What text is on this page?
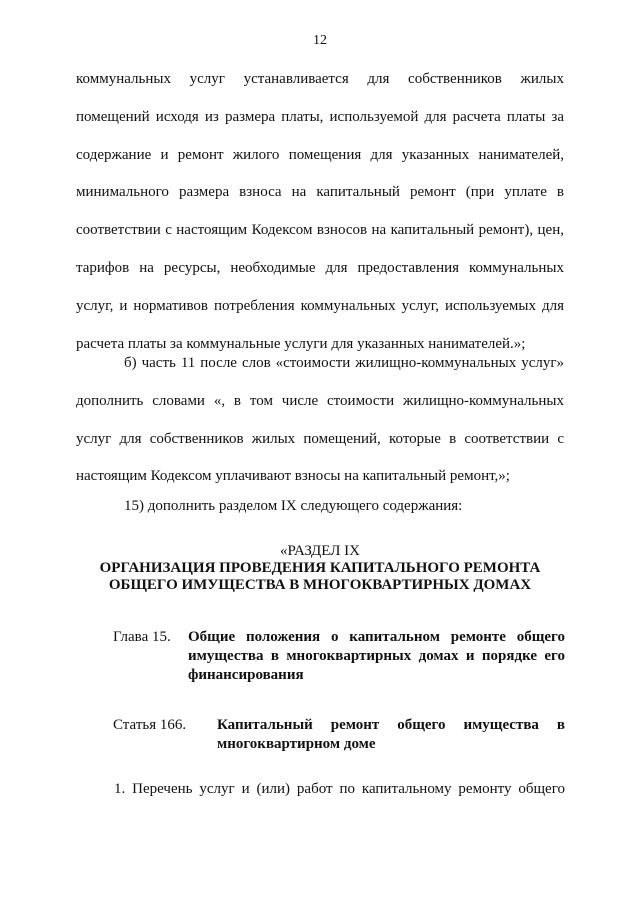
12

коммунальных услуг устанавливается для собственников жилых
помещений исходя из размера платы, используемой для расчета платы за
содержание и ремонт жилого помещения для указанных нанимателей,
минимального размера взноса на капитальный ремонт (при уплате в
соответствии с настоящим Кодексом взносов на капитальный ремонт), цен,
тарифов на ресурсы, необходимые для предоставления коммунальных
услуг, и нормативов потребления коммунальных услуг, используемых для
расчета платы за коммунальные услуги для указанных нанимателей.»;

б) часть 11 после слов «стоимости жилищно-коммунальных услуг»
дополнить словами «, в том числе стоимости жилищно-коммунальных
услуг для собственников жилых помещений, которые в соответствии с
настоящим Кодексом уплачивают взносы на капитальный ремонт,»;

15) дополнить разделом IX следующего содержания:

«РАЗДЕЛ IX
ОРГАНИЗАЦИЯ ПРОВЕДЕНИЯ КАПИТАЛЬНОГО РЕМОНТА
ОБЩЕГО ИМУЩЕСТВА В МНОГОКВАРТИРНЫХ ДОМАХ
Глава 15. Общие положения о капитальном ремонте общего
имущества в многоквартирных домах и порядке его
финансирования
Статья 166. Капитальный ремонт общего имущества в
многоквартирном доме
1. Перечень услуг и (или) работ по капитальному ремонту общего
